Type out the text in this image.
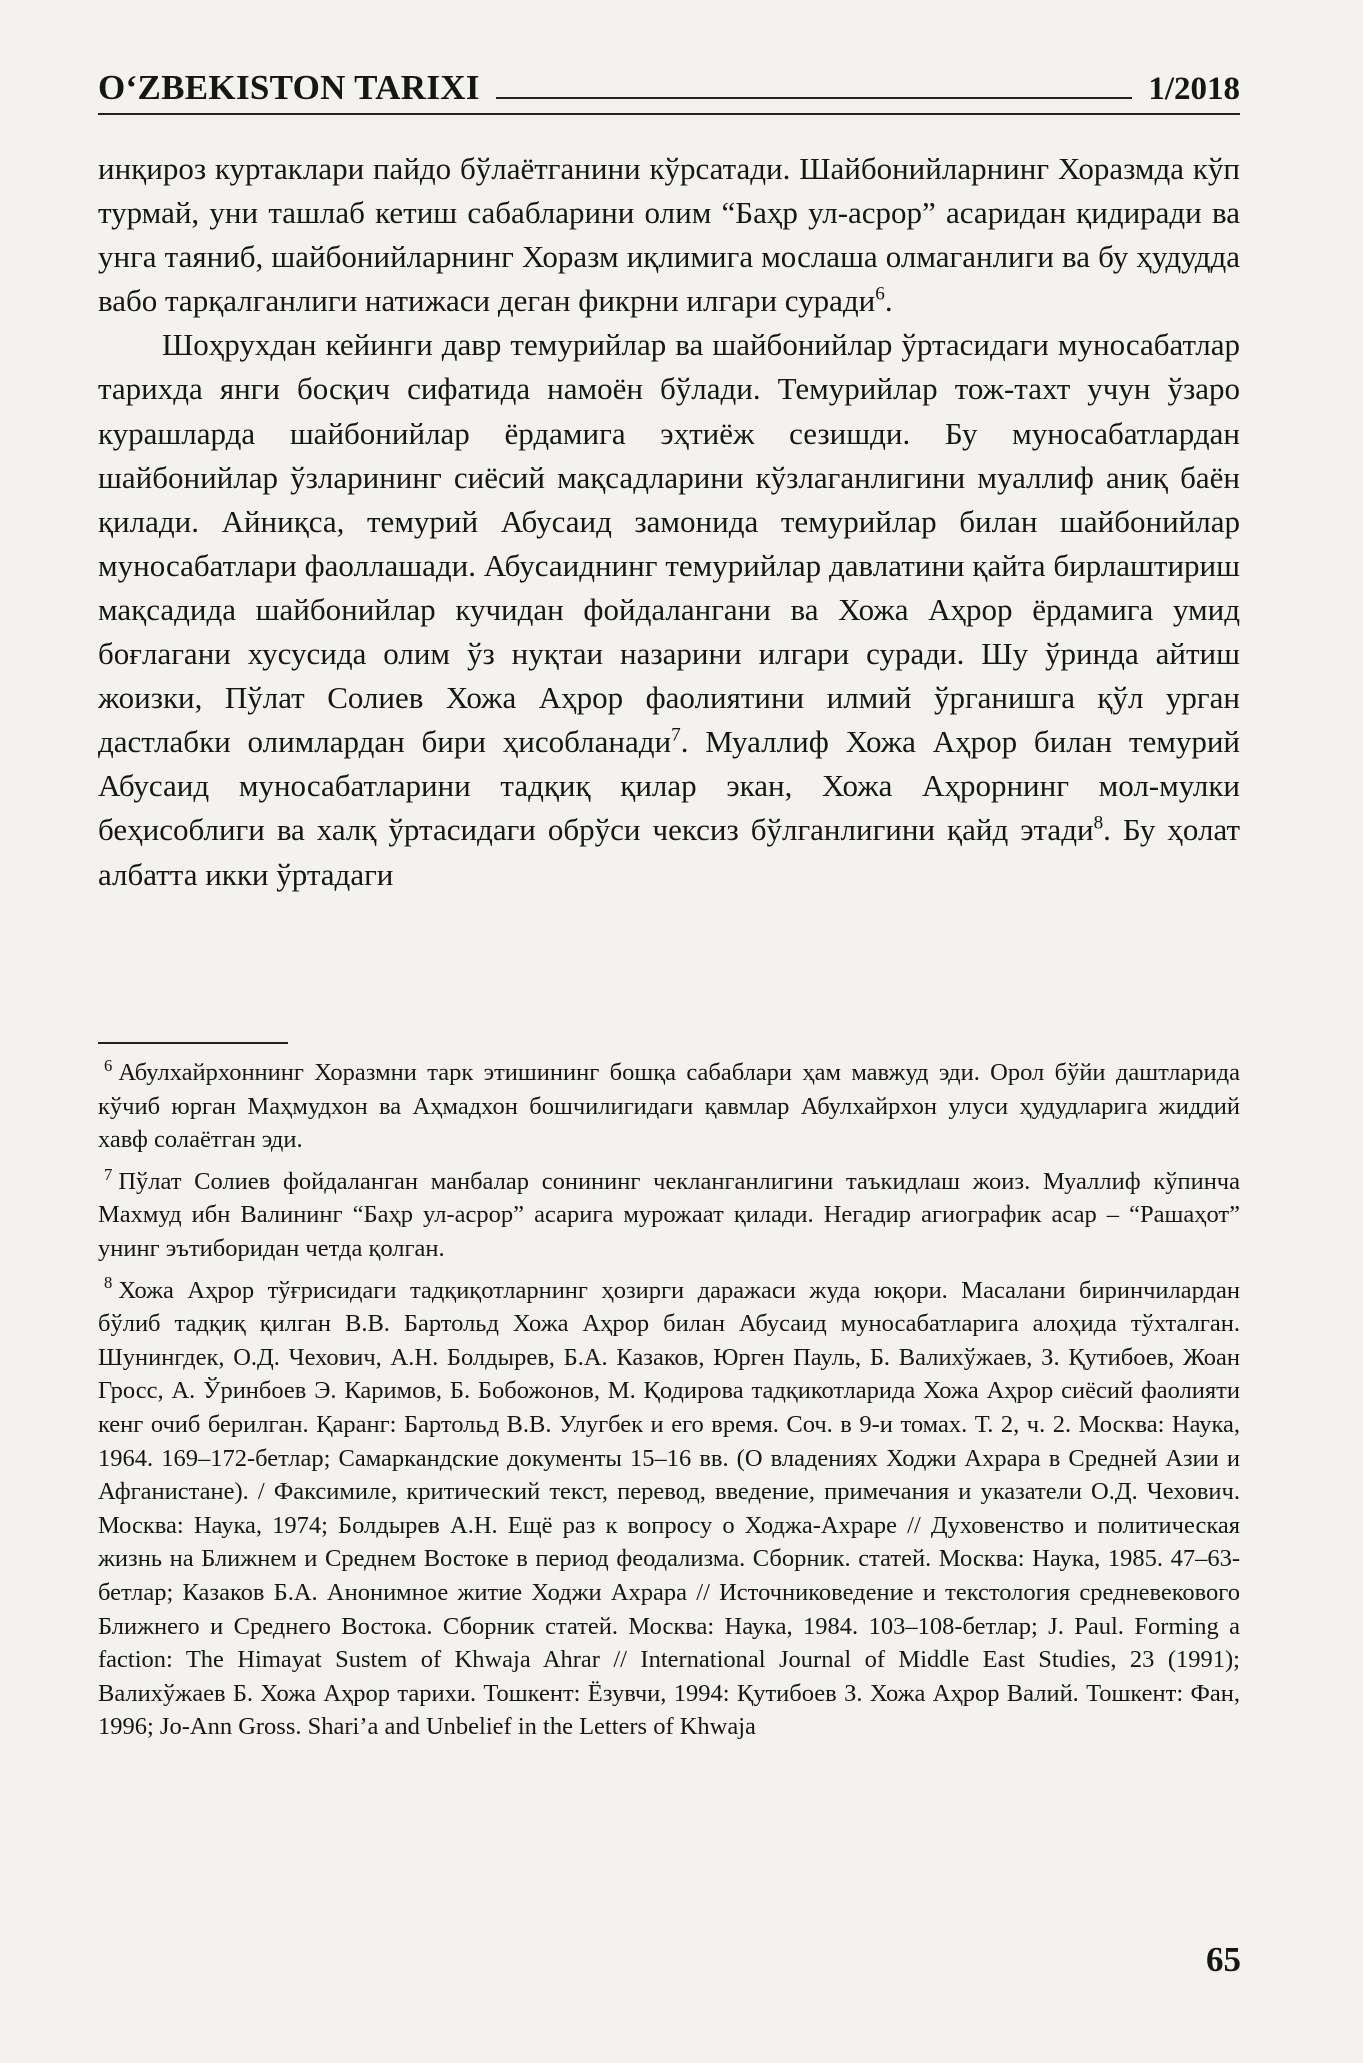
O‘ZBEKISTON TARIXI	1/2018

инқироз куртаклари пайдо бўлаётганини кўрсатади. Шайбонийларнинг Хоразмда кўп турмай, уни ташлаб кетиш сабабларини олим “Баҳр ул-асрор” асаридан қидиради ва унга таяниб, шайбонийларнинг Хоразм иқлимига мослаша олмаганлиги ва бу ҳудудда вабо тарқалганлиги натижаси деган фикрни илгари суради$^6$.

Шоҳрухдан кейинги давр темурийлар ва шайбонийлар ўртасидаги муносабатлар тарихда янги босқич сифатида намоён бўлади. Темурийлар тож-тахт учун ўзаро курашларда шайбонийлар ёрдамига эҳтиёж сезишди. Бу муносабатлардан шайбонийлар ўзларининг сиёсий мақсадларини кўзлаганлигини муаллиф аниқ баён қилади. Айниқса, темурий Абусаид замонида темурийлар билан шайбонийлар муносабатлари фаоллашади. Абусаиднинг темурийлар давлатини қайта бирлаштириш мақсадида шайбонийлар кучидан фойдалангани ва Хожа Аҳрор ёрдамига умид боғлагани хусусида олим ўз нуқтаи назарини илгари суради. Шу ўринда айтиш жоизки, Пўлат Солиев Хожа Аҳрор фаолиятини илмий ўрганишга қўл урган дастлабки олимлардан бири ҳисобланади$^7$. Муаллиф Хожа Аҳрор билан темурий Абусаид муносабатларини тадқиқ қилар экан, Хожа Аҳрорнинг мол-мулки беҳисоблиги ва халқ ўртасидаги обрўси чексиз бўлганлигини қайд этади$^8$. Бу ҳолат албатта икки ўртадаги

$^6$ Абулхайрхоннинг Хоразмни тарк этишининг бошқа сабаблари ҳам мавжуд эди. Орол бўйи даштларида кўчиб юрган Маҳмудхон ва Аҳмадхон бошчилигидаги қавмлар Абулхайрхон улуси ҳудудларига жиддий хавф солаётган эди.

$^7$ Пўлат Солиев фойдаланган манбалар сонининг чекланганлигини таъкидлаш жоиз. Муаллиф кўпинча Махмуд ибн Валининг “Баҳр ул-асрор” асарига мурожаат қилади. Негадир агиографик асар – “Рашаҳот” унинг эътиборидан четда қолган.

$^8$ Хожа Аҳрор тўғрисидаги тадқиқотларнинг ҳозирги даражаси жуда юқори. Масалани биринчилардан бўлиб тадқиқ қилган В.В. Бартольд Хожа Аҳрор билан Абусаид муносабатларига алоҳида тўхталган. Шунингдек, О.Д. Чехович, А.Н. Болдырев, Б.А. Казаков, Юрген Пауль, Б. Валихўжаев, З. Қутибоев, Жоан Гросс, А. Ўринбоев Э. Каримов, Б. Бобожонов, М. Қодирова тадқикотларида Хожа Аҳрор сиёсий фаолияти кенг очиб берилган. Қаранг: Бартольд В.В. Улугбек и его время. Соч. в 9-и томах. Т. 2, ч. 2. Москва: Наука, 1964. 169–172-бетлар; Самаркандские документы 15–16 вв. (О владениях Ходжи Ахрара в Средней Азии и Афганистане). / Факсимиле, критический текст, перевод, введение, примечания и указатели О.Д. Чехович. Москва: Наука, 1974; Болдырев А.Н. Ещё раз к вопросу о Ходжа-Ахраре // Духовенство и политическая жизнь на Ближнем и Среднем Востоке в период феодализма. Сборник. статей. Москва: Наука, 1985. 47–63-бетлар; Казаков Б.А. Анонимное житие Ходжи Ахрара // Источниковедение и текстология средневекового Ближнего и Среднего Востока. Сборник статей. Москва: Наука, 1984. 103–108-бетлар; J. Paul. Forming a faction: The Himayat Sustem of Khwaja Ahrar // International Journal of Middle East Studies, 23 (1991); Валихўжаев Б. Хожа Аҳрор тарихи. Тошкент: Ёзувчи, 1994: Қутибоев З. Хожа Аҳрор Валий. Тошкент: Фан, 1996; Jo-Ann Gross. Shari’a and Unbelief in the Letters of Khwaja

65
